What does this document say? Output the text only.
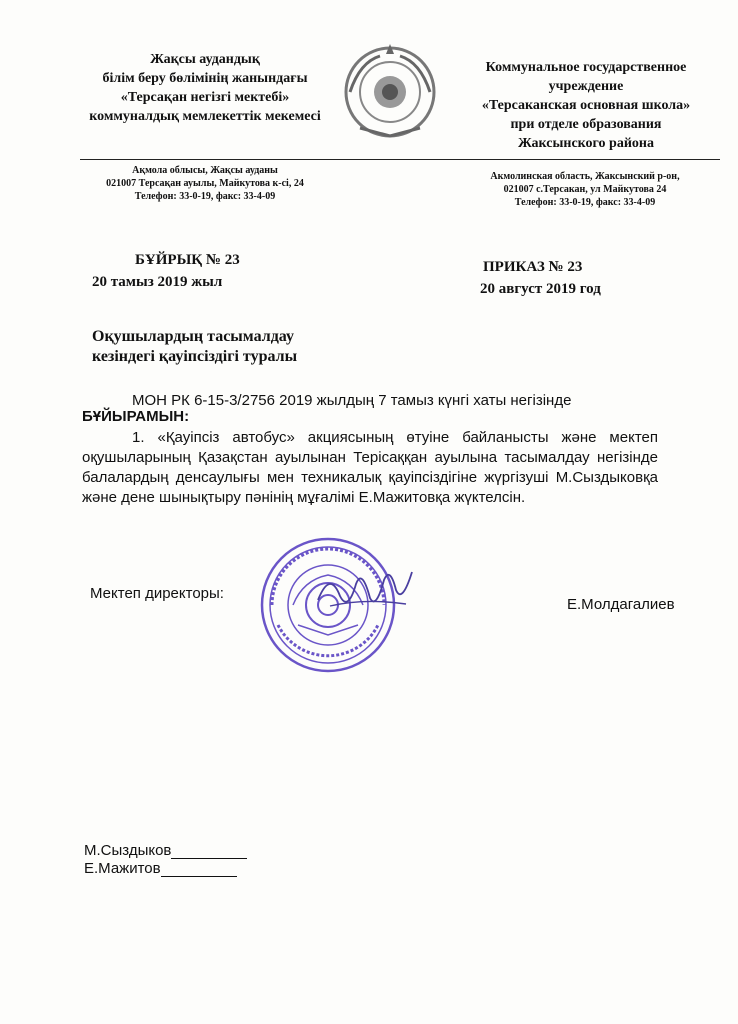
Жақсы аудандық
білім беру бөлімінің жанындағы
«Терсақан негізгі мектебі»
коммуналдық мемлекеттік мекемесі
Коммунальное государственное
учреждение
«Терсаканская основная школа»
при отделе образования
Жаксынского района
Ақмола облысы, Жақсы ауданы
021007 Терсақан ауылы, Майкутова к-сі, 24
Телефон: 33-0-19, факс: 33-4-09
Акмолинская область, Жаксынский р-он,
021007 с.Терсакан, ул Майкутова 24
Телефон: 33-0-19, факс: 33-4-09
БҰЙРЫҚ № 23
20 тамыз 2019 жыл
ПРИКАЗ № 23
20 август 2019 год
Оқушылардың тасымалдау
кезіндегі қауіпсіздігі туралы
МОН РК 6-15-3/2756 2019 жылдың 7 тамыз күнгі хаты негізінде
БҰЙЫРАМЫН:
1. «Қауіпсіз автобус» акциясының өтуіне байланысты және мектеп оқушыларының Қазақстан ауылынан Терісаққан ауылына тасымалдау негізінде балалардың денсаулығы мен техникалық қауіпсіздігіне жүргізуші М.Сыздыковқа және дене шынықтыру пәнінің мұғалімі Е.Мажитовқа жүктелсін.
Мектеп директоры:
Е.Молдагалиев
М.Сыздыков
Е.Мажитов
